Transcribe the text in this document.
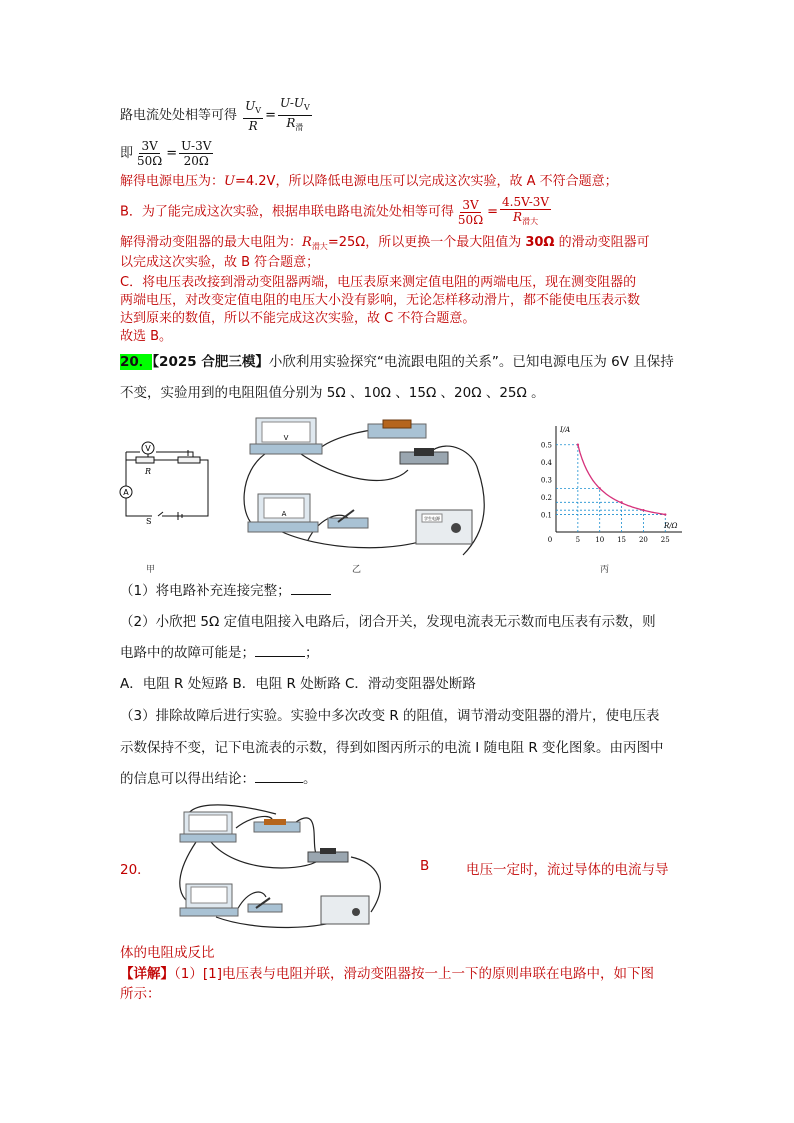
路电流处处相等可得 $\frac{U_V}{R} = \frac{U-U_V}{R_滑}$
即 $\frac{3V}{50\Omega} = \frac{U-3V}{20\Omega}$
解得电源电压为：U=4.2V，所以降低电源电压可以完成这次实验，故 A 不符合题意；
B．为了能完成这次实验，根据串联电路电流处处相等可得 $\frac{3V}{50\Omega} = \frac{4.5V-3V}{R_{滑大}}$
解得滑动变阻器的最大电阻为：$R_{滑大}=25\Omega$，所以更换一个最大阻值为 30Ω 的滑动变阻器可
以完成这次实验，故 B 符合题意；
C．将电压表改接到滑动变阻器两端，电压表原来测定值电阻的两端电压，现在测变阻器的
两端电压，对改变定值电阻的电压大小没有影响，无论怎样移动滑片，都不能使电压表示数
达到原来的数值，所以不能完成这次实验，故 C 不符合题意。
故选 B。
20．【2025 合肥三模】小欣利用实验探究“电流跟电阻的关系”。已知电源电压为 6V 且保持
不变，实验用到的电阻阻值分别为 5Ω 、10Ω 、15Ω 、20Ω 、25Ω 。
V
A
R
S
V
A
学生电源
0.5
0.4
0.3
0.2
0.1
0	5 10 15 20 25
I/A
R/Ω
甲	乙	丙
（1）将电路补充连接完整；
（2）小欣把 5Ω 定值电阻接入电路后，闭合开关，发现电流表无示数而电压表有示数，则
电路中的故障可能是；	；
A．电阻 R 处短路 B．电阻 R 处断路 C．滑动变阻器处断路
（3）排除故障后进行实验。实验中多次改变 R 的阻值，调节滑动变阻器的滑片，使电压表
示数保持不变，记下电流表的示数，得到如图丙所示的电流 I 随电阻 R 变化图象。由丙图中
的信息可以得出结论：	。
20．	B	电压一定时，流过导体的电流与导
体的电阻成反比
【详解】（1）[1]电压表与电阻并联，滑动变阻器按一上一下的原则串联在电路中，如下图
所示：
